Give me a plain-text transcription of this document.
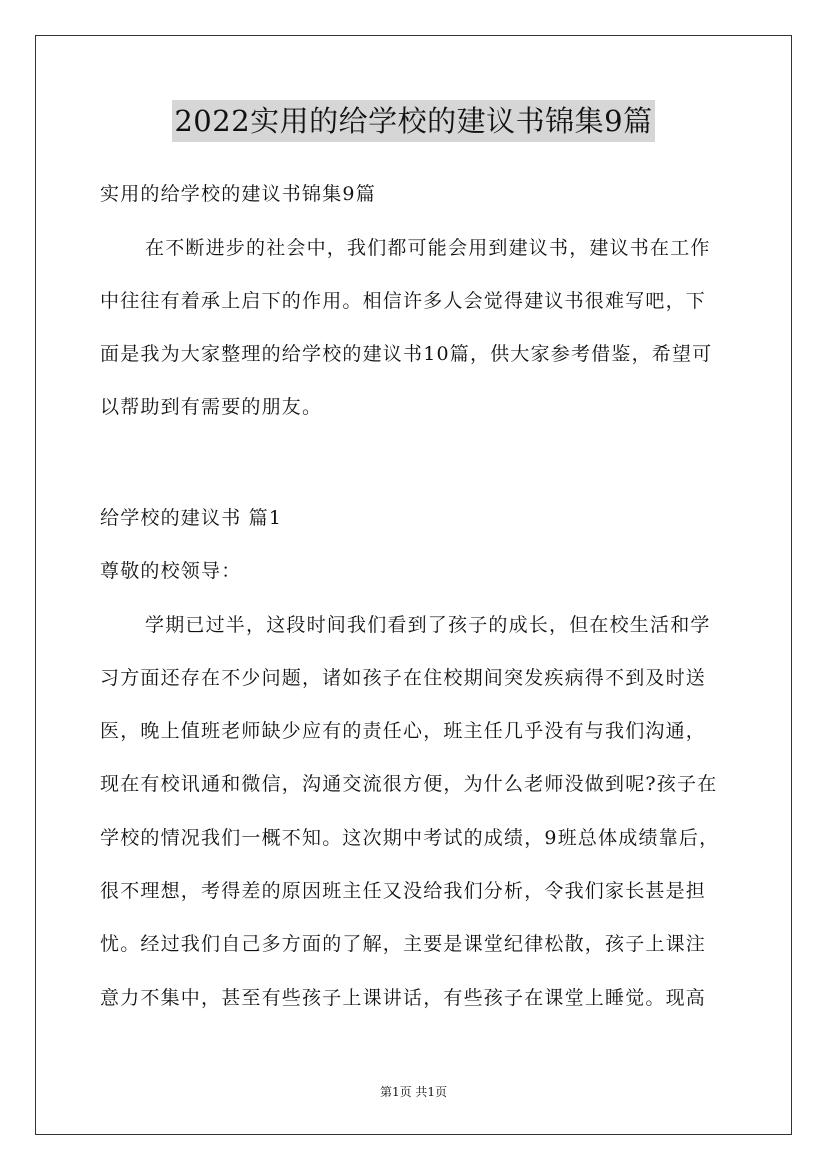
2022实用的给学校的建议书锦集9篇
实用的给学校的建议书锦集9篇
在不断进步的社会中，我们都可能会用到建议书，建议书在工作
中往往有着承上启下的作用。相信许多人会觉得建议书很难写吧，下
面是我为大家整理的给学校的建议书10篇，供大家参考借鉴，希望可
以帮助到有需要的朋友。
给学校的建议书 篇1
尊敬的校领导：
学期已过半，这段时间我们看到了孩子的成长，但在校生活和学
习方面还存在不少问题，诸如孩子在住校期间突发疾病得不到及时送
医，晚上值班老师缺少应有的责任心，班主任几乎没有与我们沟通，
现在有校讯通和微信，沟通交流很方便，为什么老师没做到呢?孩子在
学校的情况我们一概不知。这次期中考试的成绩，9班总体成绩靠后，
很不理想，考得差的原因班主任又没给我们分析，令我们家长甚是担
忧。经过我们自己多方面的了解，主要是课堂纪律松散，孩子上课注
意力不集中，甚至有些孩子上课讲话，有些孩子在课堂上睡觉。现高
第1页 共1页
